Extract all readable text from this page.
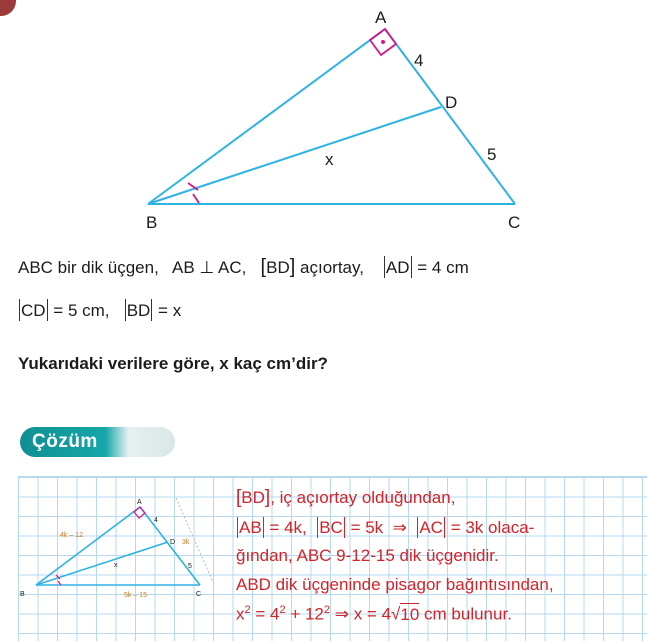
A
D
B	C
4
5
x
ABC bir dik üçgen, AB ⊥ AC, [BD] açıortay, AD = 4 cm
CD = 5 cm, BD = x
Yukarıdaki verilere göre, x kaç cm’dir?
Çözüm
A
B	C
D
4
5
x
4k – 12
3k
5k – 15
[BD], iç açıortay olduğundan,
AB = 4k, BC = 5k ⇒ AC = 3k olaca-
ğından, ABC 9-12-15 dik üçgenidir.
ABD dik üçgeninde pisagor bağıntısından,
$x^2 = 4^2 + 12^2$ ⇒ x = 4√10 cm bulunur.
